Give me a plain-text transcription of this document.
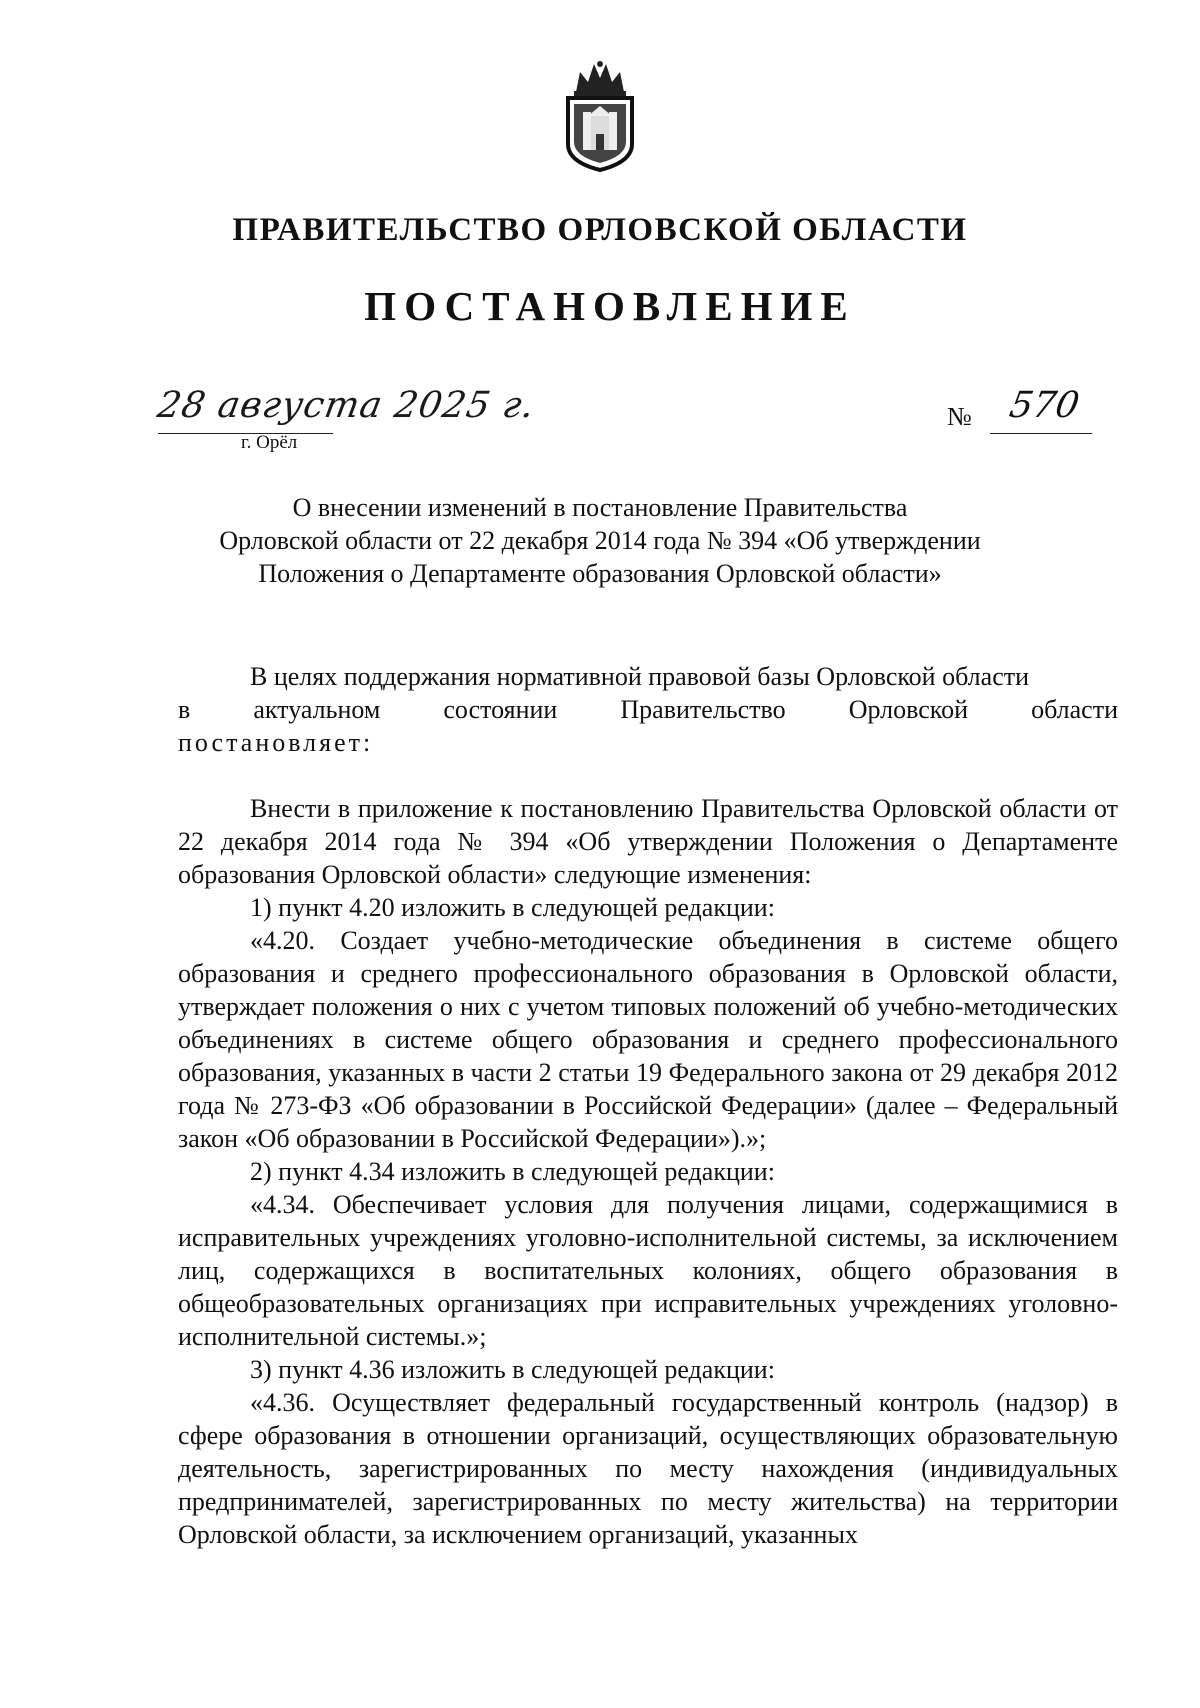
ПРАВИТЕЛЬСТВО ОРЛОВСКОЙ ОБЛАСТИ
ПОСТАНОВЛЕНИЕ
28 августа 2025 г.
г. Орёл
№ 570
О внесении изменений в постановление Правительства
Орловской области от 22 декабря 2014 года № 394 «Об утверждении
Положения о Департаменте образования Орловской области»
В целях поддержания нормативной правовой базы Орловской области
в актуальном состоянии Правительство Орловской области
постановляет:
Внести в приложение к постановлению Правительства Орловской области от 22 декабря 2014 года № 394 «Об утверждении Положения о Департаменте образования Орловской области» следующие изменения:
1) пункт 4.20 изложить в следующей редакции:
«4.20. Создает учебно-методические объединения в системе общего образования и среднего профессионального образования в Орловской области, утверждает положения о них с учетом типовых положений об учебно-методических объединениях в системе общего образования и среднего профессионального образования, указанных в части 2 статьи 19 Федерального закона от 29 декабря 2012 года № 273-ФЗ «Об образовании в Российской Федерации» (далее – Федеральный закон «Об образовании в Российской Федерации»).»;
2) пункт 4.34 изложить в следующей редакции:
«4.34. Обеспечивает условия для получения лицами, содержащимися в исправительных учреждениях уголовно-исполнительной системы, за исключением лиц, содержащихся в воспитательных колониях, общего образования в общеобразовательных организациях при исправительных учреждениях уголовно-исполнительной системы.»;
3) пункт 4.36 изложить в следующей редакции:
«4.36. Осуществляет федеральный государственный контроль (надзор) в сфере образования в отношении организаций, осуществляющих образовательную деятельность, зарегистрированных по месту нахождения (индивидуальных предпринимателей, зарегистрированных по месту жительства) на территории Орловской области, за исключением организаций, указанных
